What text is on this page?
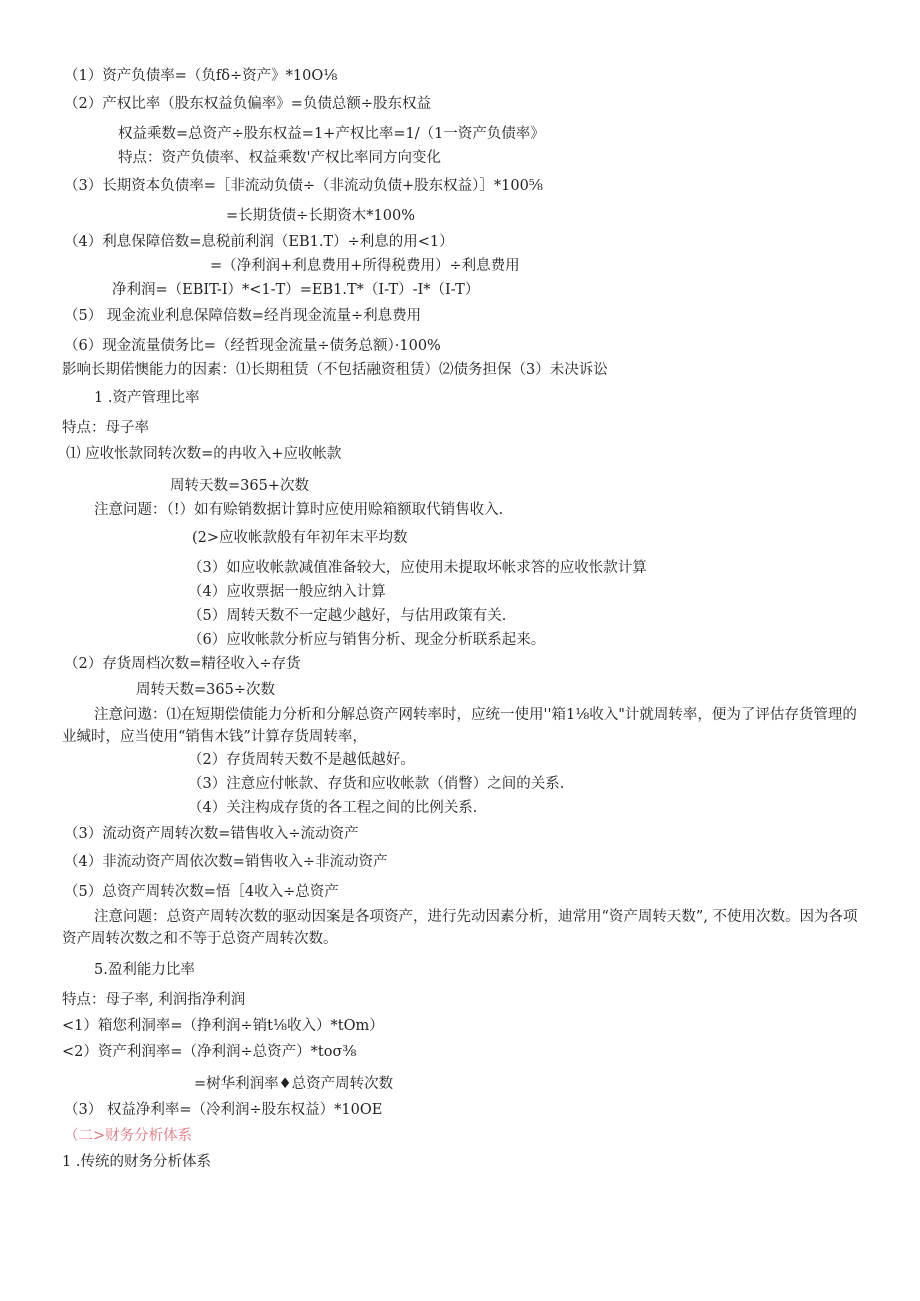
（1）资产负债率=（负fδ÷资产》*10O⅛
（2）产权比率（股东权益负偏率》=负债总额÷股东权益
权益乘数=总资产÷股东权益=1+产权比率=1/（1一资产负债率》
特点：资产负债率、权益乘数'产权比率同方向变化
（3）长期资本负债率=［非流动负债÷（非流动负债+股东权益）］*100⅝
=长期货债÷长期资木*100%
（4）利息保障倍数=息税前利润（EB1.T）÷利息的用<1）
=（净利润+利息费用+所得税费用）÷利息费用
净利润=（EBIT-I）*<1-T）=EB1.T*（I-T）-I*（I-T）
（5） 现金流业利息保障倍数=经肖现金流量÷利息费用
（6）现金流量债务比=（经哲现金流量÷债务总额）·100%
影响长期偌懊能力的因素：⑴长期租赁（不包括融资租赁）⑵债务担保（3）未决诉讼
1 .资产管理比率
特点：母子率
⑴ 应收怅款冏转次数=的冉收入+应收帐款
周转天数=365+次数
注意问题：（!）如有赊销数据计算时应使用赊箱额取代销售收入.
(2>应收帐款般有年初年末平均数
（3）如应收帐款减值准备较大，应使用未提取坏帐求答的应收怅款计算
（4）应收票据一般应纳入计算
（5）周转天数不一定越少越好，与估用政策有关.
（6）应收帐款分析应与销售分析、现金分析联系起来。
（2）存货周档次数=精径收入÷存货
周转天数=365÷次数
注意问遨：⑴在短期偿债能力分析和分解总资产网转率时，应统一使用''箱1⅛收入"计就周转率，便为了评估存货管理的业缄时，应当使用“销售木钱”计算存货周转率，
（2）存货周转天数不是越低越好。
（3）注意应付帐款、存货和应收帐款（俏瞥）之间的关系.
（4）关注构成存货的各工程之间的比例关系.
（3）流动资产周转次数=错售收入÷流动资产
（4）非流动资产周依次数=销售收入÷非流动资产
（5）总资产周转次数=悟［4收入÷总资产
注意问题：总资产周转次数的驱动因案是各项资产，进行先动因素分析，迪常用“资产周转天数”, 不使用次数。因为各项资产周转次数之和不等于总资产周转次数。
5.盈利能力比率
特点：母子率, 利润指净利润
<1）箱您利洞率=（挣利润÷销t⅛收入）*tOm）
<2）资产利润率=（净利润÷总资产）*toσ⅜
=树华利润率♦总资产周转次数
（3） 权益净利率=（冷利润÷股东权益）*10OE
（二>财务分析体系
1 .传统的财务分析体系
